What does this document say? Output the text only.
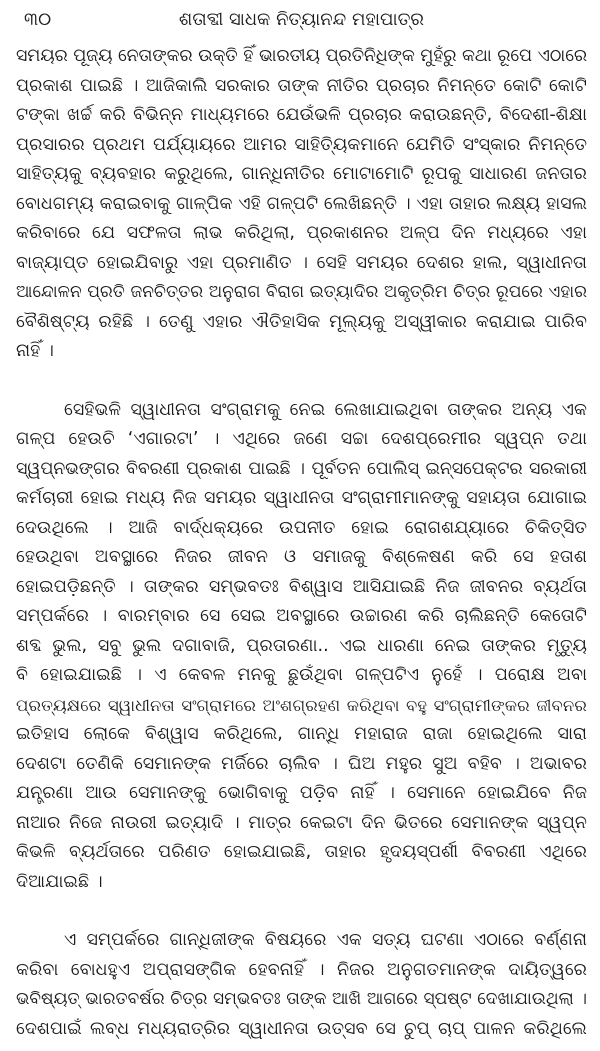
୩୦	ଶତାବ୍ଦୀ ସାଧକ ନିତ୍ୟାନନ୍ଦ ମହାପାତ୍ର

ସମୟର ପୂଜ୍ୟ ନେତାଙ୍କର ଉକ୍ତି ହିଁ ଭାରତୀୟ ପ୍ରତିନିଧିଙ୍କ ମୁହଁରୁ କଥା ରୂପେ ଏଠାରେ
ପ୍ରକାଶ ପାଇଛି । ଆଜିକାଲି ସରକାର ତାଙ୍କ ନୀତିର ପ୍ରଚାର ନିମନ୍ତେ କୋଟି କୋଟି
ଟଙ୍କା ଖର୍ଚ୍ଚ କରି ବିଭିନ୍ନ ମାଧ୍ୟମରେ ଯେଉଁଭଳି ପ୍ରଚାର କରାଉଛନ୍ତି, ବିଦେଶୀ-ଶିକ୍ଷା
ପ୍ରସାରର ପ୍ରଥମ ପର୍ଯ୍ୟାୟରେ ଆମର ସାହିତ୍ୟିକମାନେ ଯେମିତି ସଂସ୍କାର ନିମନ୍ତେ
ସାହିତ୍ୟକୁ ବ୍ୟବହାର କରୁଥିଲେ, ଗାନ୍ଧିନୀତିର ମୋଟାମୋଟି ରୂପକୁ ସାଧାରଣ ଜନତାର
ବୋଧଗମ୍ୟ କରାଇବାକୁ ଗାଳ୍ପିକ ଏହି ଗଳ୍ପଟି ଲେଖିଛନ୍ତି । ଏହା ତାହାର ଲକ୍ଷ୍ୟ ହାସଲ
କରିବାରେ ଯେ ସଫଳତା ଲାଭ କରିଥିଲା, ପ୍ରକାଶନର ଅଳ୍ପ ଦିନ ମଧ୍ୟରେ ଏହା
ବାଜ୍ୟାପ୍ତ ହୋଇଯିବାରୁ ଏହା ପ୍ରମାଣିତ । ସେହି ସମୟର ଦେଶର ହାଲ, ସ୍ୱାଧୀନତା
ଆନ୍ଦୋଳନ ପ୍ରତି ଜନଚିତ୍ତର ଅନୁରାଗ ବିରାଗ ଇତ୍ୟାଦିର ଅକୃତ୍ରିମ ଚିତ୍ର ରୂପରେ ଏହାର
ବୈଶିଷ୍ଟ୍ୟ ରହିଛି । ତେଣୁ ଏହାର ଐତିହାସିକ ମୂଲ୍ୟକୁ ଅସ୍ୱୀକାର କରାଯାଇ ପାରିବ
ନାହିଁ ।

ସେହିଭଳି ସ୍ୱାଧୀନତା ସଂଗ୍ରାମକୁ ନେଇ ଲେଖାଯାଇଥିବା ତାଙ୍କର ଅନ୍ୟ ଏକ
ଗଳ୍ପ ହେଉଚି ‘ଏଗାରଟା’ । ଏଥିରେ ଜଣେ ସଚ୍ଚା ଦେଶପ୍ରେମୀର ସ୍ୱପ୍ନ ତଥା
ସ୍ୱପ୍ନଭଙ୍ଗର ବିବରଣୀ ପ୍ରକାଶ ପାଇଛି । ପୂର୍ବତନ ପୋଲିସ୍ ଇନ୍ସପେକ୍ଟର ସରକାରୀ
କର୍ମଚାରୀ ହୋଇ ମଧ୍ୟ ନିଜ ସମୟର ସ୍ୱାଧୀନତା ସଂଗ୍ରାମୀମାନଙ୍କୁ ସହାୟତା ଯୋଗାଇ
ଦେଉଥିଲେ । ଆଜି ବାର୍ଦ୍ଧକ୍ୟରେ ଉପନୀତ ହୋଇ ରୋଗଶଯ୍ୟାରେ ଚିକିତ୍ସିତ
ହେଉଥିବା ଅବସ୍ଥାରେ ନିଜର ଜୀବନ ଓ ସମାଜକୁ ବିଶ୍ଳେଷଣ କରି ସେ ହତାଶ
ହୋଇପଡ଼ିଛନ୍ତି । ତାଙ୍କର ସମ୍ଭବତଃ ବିଶ୍ୱାସ ଆସିଯାଇଛି ନିଜ ଜୀବନର ବ୍ୟର୍ଥତା
ସମ୍ପର୍କରେ । ବାରମ୍ବାର ସେ ସେଇ ଅବସ୍ଥାରେ ଉଚ୍ଚାରଣ କରି ଚାଲିଛନ୍ତି କେତୋଟି
ଶବ୍ଦ ଭୁଲ, ସବୁ ଭୁଲ ଦଗାବାଜି, ପ୍ରତାରଣା.. ଏଇ ଧାରଣା ନେଇ ତାଙ୍କର ମୃତ୍ୟୁ
ବି ହୋଇଯାଇଛି । ଏ କେବଳ ମନକୁ ଛୁଉଁଥିବା ଗଳ୍ପଟିଏ ନୁହେଁ । ପରୋକ୍ଷ ଅବା
ପ୍ରତ୍ୟକ୍ଷରେ ସ୍ୱାଧୀନତା ସଂଗ୍ରାମରେ ଅଂଶଗ୍ରହଣ କରିଥିବା ବହୁ ସଂଗ୍ରାମୀଙ୍କର ଜୀବନର
ଇତିହାସ ଲୋକେ ବିଶ୍ୱାସ କରିଥିଲେ, ଗାନ୍ଧି ମହାରାଜ ରାଜା ହୋଇଥିଲେ ସାରା
ଦେଶଟା ତେଣିକି ସେମାନଙ୍କ ମର୍ଜିରେ ଚାଲିବ । ଘିଅ ମହୁର ସୁଅ ବହିବ । ଅଭାବର
ଯନ୍ତ୍ରଣା ଆଉ ସେମାନଙ୍କୁ ଭୋଗିବାକୁ ପଡ଼ିବ ନାହିଁ । ସେମାନେ ହୋଇଯିବେ ନିଜ
ନାଆର ନିଜେ ନାଉରୀ ଇତ୍ୟାଦି । ମାତ୍ର କେଇଟା ଦିନ ଭିତରେ ସେମାନଙ୍କ ସ୍ୱପ୍ନ
କିଭଳି ବ୍ୟର୍ଥତାରେ ପରିଣତ ହୋଇଯାଇଛି, ତାହାର ହୃଦୟସ୍ପର୍ଶୀ ବିବରଣୀ ଏଥିରେ
ଦିଆଯାଇଛି ।

ଏ ସମ୍ପର୍କରେ ଗାନ୍ଧିଜୀଙ୍କ ବିଷୟରେ ଏକ ସତ୍ୟ ଘଟଣା ଏଠାରେ ବର୍ଣ୍ଣନା
କରିବା ବୋଧହୁଏ ଅପ୍ରାସଙ୍ଗିକ ହେବନାହିଁ । ନିଜର ଅନୁଗତମାନଙ୍କ ଦାୟିତ୍ୱରେ
ଭବିଷ୍ୟତ୍ ଭାରତବର୍ଷର ଚିତ୍ର ସମ୍ଭବତଃ ତାଙ୍କ ଆଖି ଆଗରେ ସ୍ପଷ୍ଟ ଦେଖାଯାଉଥିଲା ।
ଦେଶପାଇଁ ଲବ୍ଧ ମଧ୍ୟରାତ୍ରିର ସ୍ୱାଧୀନତା ଉତ୍ସବ ସେ ଚୁପ୍ ଚାପ୍ ପାଳନ କରିଥିଲେ
